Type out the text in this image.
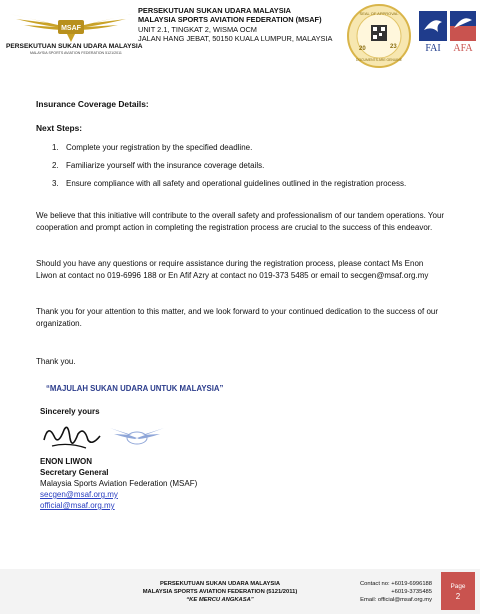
MSAF
PERSEKUTUAN SUKAN UDARA MALAYSIA
MALAYSIA SPORTS AVIATION FEDERATION 5121/2011
PERSEKUTUAN SUKAN UDARA MALAYSIA
MALAYSIA SPORTS AVIATION FEDERATION (MSAF)
UNIT 2.1, TINGKAT 2, WISMA OCM
JALAN HANG JEBAT, 50150 KUALA LUMPUR, MALAYSIA
SEAL OF APPROVAL
20	23
DOCUMENTS ARE GENUINE
FAI AFA
Insurance Coverage Details:
Next Steps:
1. Complete your registration by the specified deadline.
2. Familiarize yourself with the insurance coverage details.
3. Ensure compliance with all safety and operational guidelines outlined in the registration process.
We believe that this initiative will contribute to the overall safety and professionalism of our tandem operations. Your cooperation and prompt action in completing the registration process are crucial to the success of this endeavor.
Should you have any questions or require assistance during the registration process, please contact Ms Enon Liwon at contact no 019-6996 188 or En Afif Azry at contact no 019-373 5485 or email to secgen@msaf.org.my
Thank you for your attention to this matter, and we look forward to your continued dedication to the success of our organization.
Thank you.
“MAJULAH SUKAN UDARA UNTUK MALAYSIA”
Sincerely yours
ENON LIWON
Secretary General
Malaysia Sports Aviation Federation (MSAF)
secgen@msaf.org.my
official@msaf.org.my
PERSEKUTUAN SUKAN UDARA MALAYSIA
MALAYSIA SPORTS AVIATION FEDERATION (5121/2011)
“KE MERCU ANGKASA”
Contact no: +6019-6996188
+6019-3735485
Email: official@msaf.org.my
Page
2
